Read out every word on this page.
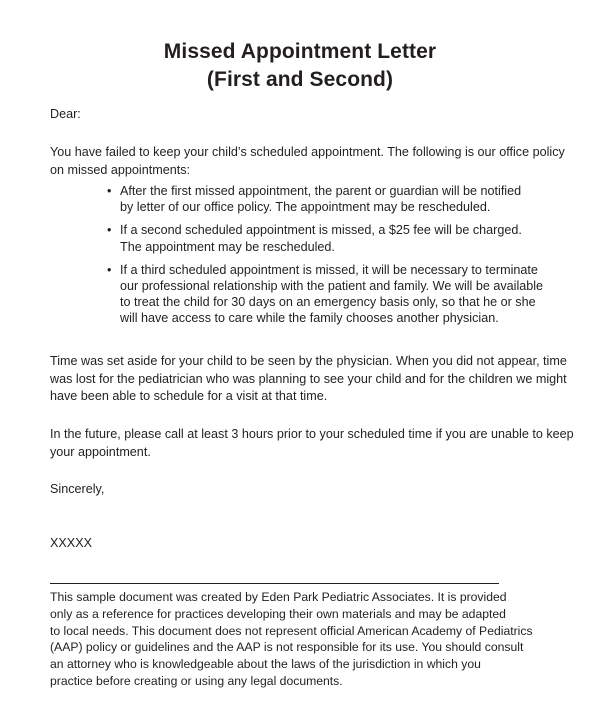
Missed Appointment Letter
(First and Second)
Dear:
You have failed to keep your child’s scheduled appointment. The following is our office policy
on missed appointments:
• After the first missed appointment, the parent or guardian will be notified
by letter of our office policy. The appointment may be rescheduled.
• If a second scheduled appointment is missed, a $25 fee will be charged.
The appointment may be rescheduled.
• If a third scheduled appointment is missed, it will be necessary to terminate
our professional relationship with the patient and family. We will be available
to treat the child for 30 days on an emergency basis only, so that he or she
will have access to care while the family chooses another physician.
Time was set aside for your child to be seen by the physician. When you did not appear, time
was lost for the pediatrician who was planning to see your child and for the children we might
have been able to schedule for a visit at that time.
In the future, please call at least 3 hours prior to your scheduled time if you are unable to keep
your appointment.
Sincerely,
XXXXX
This sample document was created by Eden Park Pediatric Associates. It is provided
only as a reference for practices developing their own materials and may be adapted
to local needs. This document does not represent official American Academy of Pediatrics
(AAP) policy or guidelines and the AAP is not responsible for its use. You should consult
an attorney who is knowledgeable about the laws of the jurisdiction in which you
practice before creating or using any legal documents.
